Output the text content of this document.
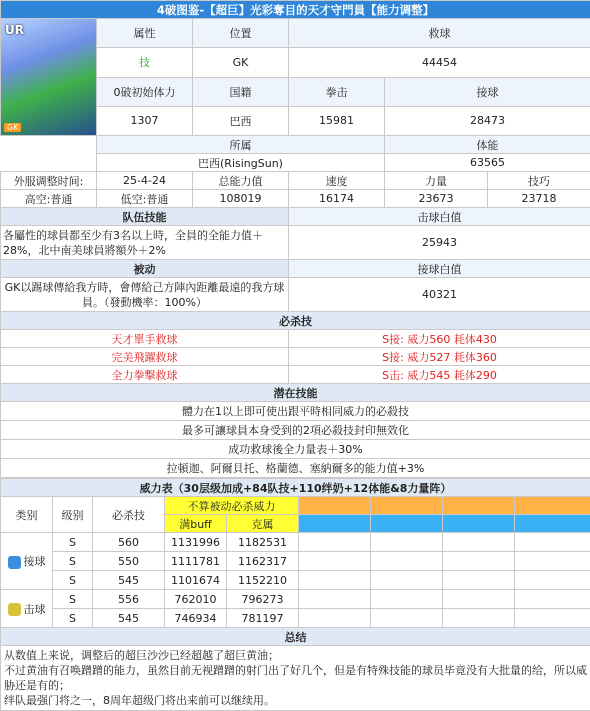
4破图鉴-【超巨】光彩奪目的天才守門員【能力调整】					

UR
GK	属性	位置	救球		
	技	GK	44454		
	0破初始体力	国籍	拳击	接球	
	1307	巴西	15981	28473	
	所属			体能	
	巴西(RisingSun)			63565	
外服调整时间:	25-4-24	总能力值	速度	力量	技巧
高空:普通	低空:普通	108019	16174	23673	23718
队伍技能			击球白值		
各屬性的球員都至少有3名以上時，全員的全能力值＋28%，北中南美球員將額外＋2%			25943		
被动			接球白值		
GK以踢球傳給我方時，會傳給己方陣內距離最遠的我方球員。（發動機率：100%）			40321		
必杀技					
天才單手救球			S接: 威力560 耗体430		
完美飛躍救球			S接: 威力527 耗体360		
全力拳擊救球			S击: 威力545 耗体290		
潜在技能					
體力在1以上即可使出跟平時相同威力的必殺技					
最多可讓球員本身受到的2項必殺技封印無效化					
成功救球後全力量表＋30%					
拉頓迦、阿爾貝托、格蘭德、塞納爾多的能力值+3%					
威力表（30层级加成+84队技+110绊奶+12体能&8力量阵）								
类别	级别	必杀技	不算被动必杀威力					
			满buff	克属				
接球	S	560	1131996	1182531				
	S	550	1111781	1162317				
	S	545	1101674	1152210				
击球	S	556	762010	796273				
	S	545	746934	781197				
总结								

从数值上来说，调整后的超巨沙沙已经超越了超巨黄油；
不过黄油有召唤蹭蹭的能力，虽然目前无视蹭蹭的射门出了好几个，但是有特殊技能的球员毕竟没有大批量的给，所以威胁还是有的；
绊队最强门将之一，8周年超级门将出来前可以继续用。								
